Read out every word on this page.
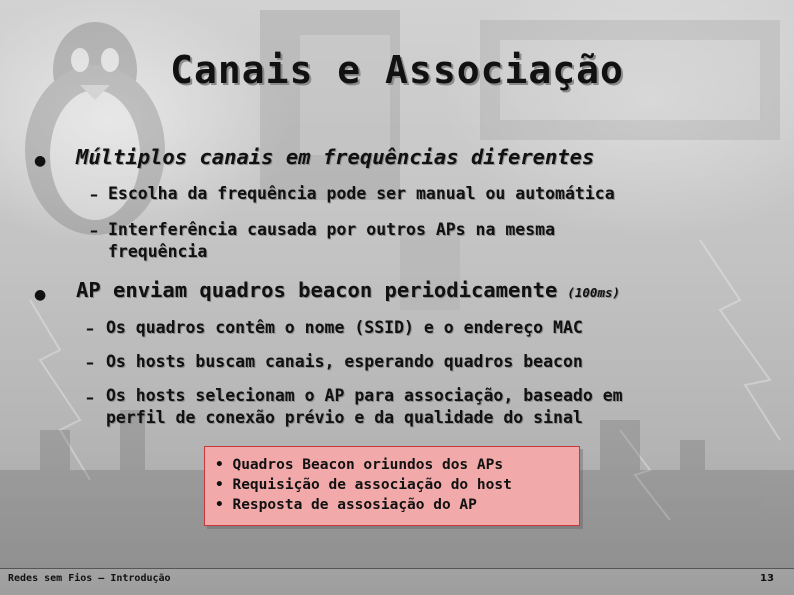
Canais e Associação
● Múltiplos canais em frequências diferentes
– Escolha da frequência pode ser manual ou automática
– Interferência causada por outros APs na mesma
frequência
● AP enviam quadros beacon periodicamente (100ms)
– Os quadros contêm o nome (SSID) e o endereço MAC
– Os hosts buscam canais, esperando quadros beacon
– Os hosts selecionam o AP para associação, baseado em
perfil de conexão prévio e da qualidade do sinal
• Quadros Beacon oriundos dos APs
• Requisição de associação do host
• Resposta de assosiação do AP
Redes sem Fios – Introdução	13
